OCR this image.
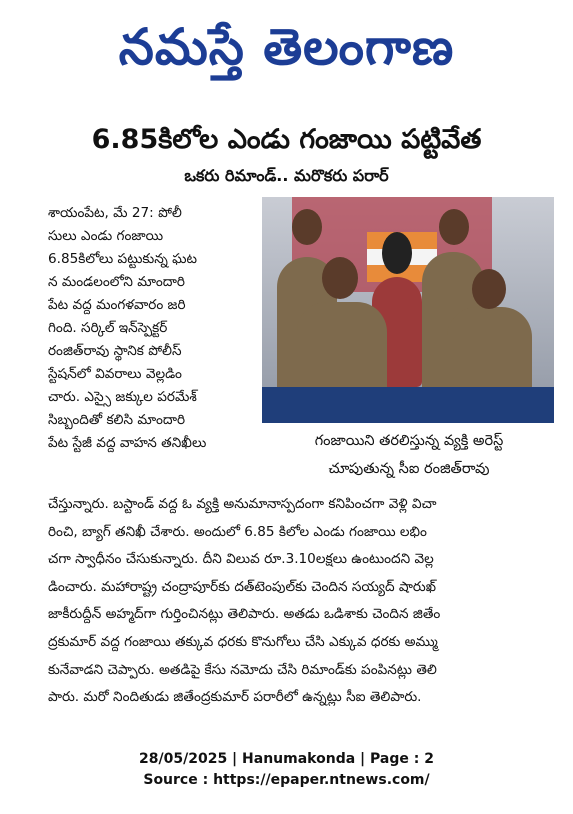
నమస్తే తెలంగాణ
6.85కిలోల ఎండు గంజాయి పట్టివేత
ఒకరు రిమాండ్.. మరొకరు పరార్
శాయంపేట, మే 27: పోలీ
సులు ఎండు గంజాయి
6.85కిలోలు పట్టుకున్న ఘట
న మండలంలోని మాందారి
పేట వద్ద మంగళవారం జరి
గింది. సర్కిల్ ఇన్‌స్పెక్టర్
రంజిత్‌రావు స్థానిక పోలీస్
స్టేషన్‌లో వివరాలు వెల్లడిం
చారు. ఎస్సై జక్కుల పరమేశ్
సిబ్బందితో కలిసి మాందారి
పేట స్టేజీ వద్ద వాహన తనిఖీలు	గంజాయిని తరలిస్తున్న వ్యక్తి అరెస్ట్
చూపుతున్న సీఐ రంజిత్‌రావు
చేస్తున్నారు. బస్టాండ్ వద్ద ఓ వ్యక్తి అనుమానాస్పదంగా కనిపించగా వెళ్లి విచా
రించి, బ్యాగ్ తనిఖీ చేశారు. అందులో 6.85 కిలోల ఎండు గంజాయి లభిం
చగా స్వాధీనం చేసుకున్నారు. దీని విలువ రూ.3.10లక్షలు ఉంటుందని వెల్ల
డించారు. మహారాష్ట్ర చంద్రాపూర్‌కు దత్‌టెంపుల్‌కు చెందిన సయ్యద్ షారుఖ్
జాకీరుద్దీన్ అహ్మద్‌గా గుర్తించినట్లు తెలిపారు. అతడు ఒడిశాకు చెందిన జితేం
ద్రకుమార్ వద్ద గంజాయి తక్కువ ధరకు కొనుగోలు చేసి ఎక్కువ ధరకు అమ్ము
కునేవాడని చెప్పారు. అతడిపై కేసు నమోదు చేసి రిమాండ్‌కు పంపినట్లు తెలి
పారు. మరో నిందితుడు జితేంద్రకుమార్ పరారీలో ఉన్నట్లు సీఐ తెలిపారు.
28/05/2025 | Hanumakonda | Page : 2
Source : https://epaper.ntnews.com/
